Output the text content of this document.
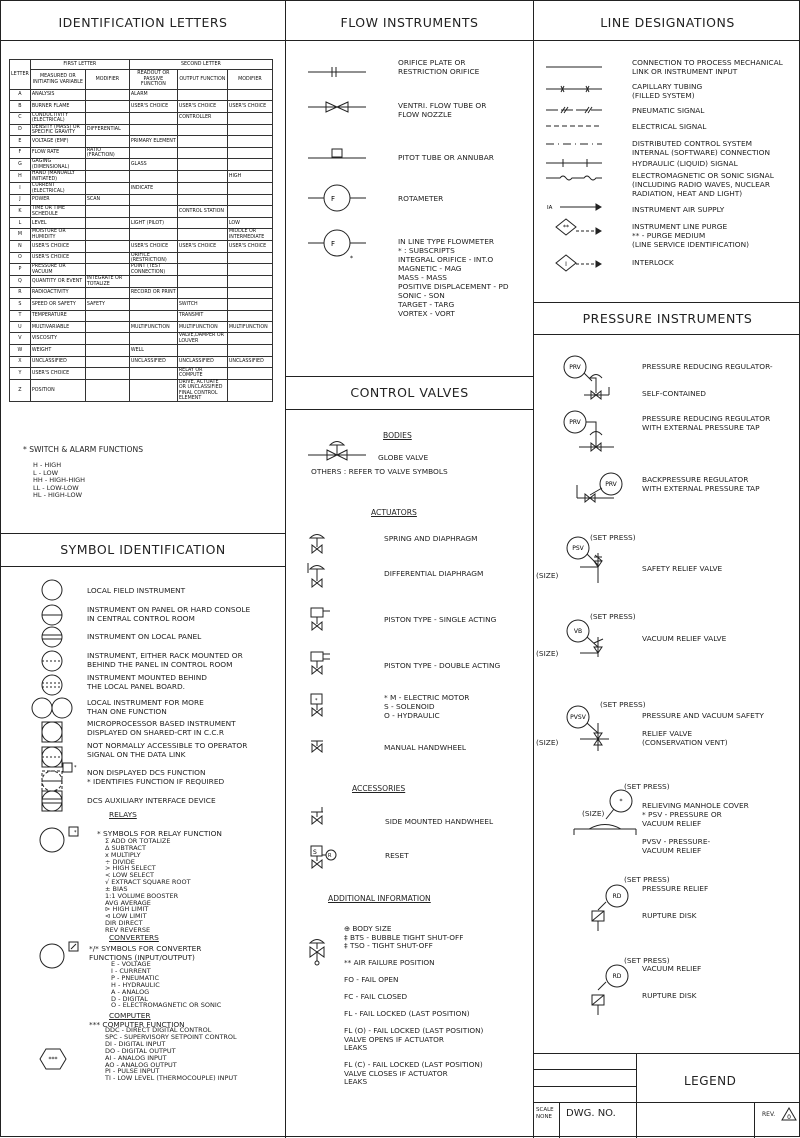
IDENTIFICATION LETTERS
LETTER	FIRST LETTER		SECOND LETTER		
	MEASURED OR INITIATING VARIABLE	MODIFIER	READOUT OR PASSIVE FUNCTION	OUTPUT FUNCTION	MODIFIER
A	ANALYSIS		ALARM		
B	BURNER FLAME		USER'S CHOICE	USER'S CHOICE	USER'S CHOICE
C	CONDUCTIVITY (ELECTRICAL)			CONTROLLER	
D	DENSITY (MASS) OR SPECIFIC GRAVITY	DIFFERENTIAL			
E	VOLTAGE (EMF)		PRIMARY ELEMENT		
F	FLOW RATE	RATIO (FRACTION)			
G	GAGING (DIMENSIONAL)		GLASS		
H	HAND (MANUALLY INITIATED)				HIGH
I	CURRENT (ELECTRICAL)		INDICATE		
J	POWER	SCAN			
K	TIME OR TIME SCHEDULE			CONTROL STATION	
L	LEVEL		LIGHT (PILOT)		LOW
M	MOISTURE OR HUMIDITY				MIDDLE OR INTERMEDIATE
N	USER'S CHOICE		USER'S CHOICE	USER'S CHOICE	USER'S CHOICE
O	USER'S CHOICE		ORIFICE (RESTRICTION)		
P	PRESSURE OR VACUUM		POINT (TEST CONNECTION)		
Q	QUANTITY OR EVENT	INTEGRATE OR TOTALIZE			
R	RADIOACTIVITY		RECORD OR PRINT		
S	SPEED OR SAFETY	SAFETY		SWITCH	
T	TEMPERATURE			TRANSMIT	
U	MULTIVARIABLE		MULTIFUNCTION	MULTIFUNCTION	MULTIFUNCTION
V	VISCOSITY			VALVE,DAMPER OR LOUVER	
W	WEIGHT		WELL		
X	UNCLASSIFIED		UNCLASSIFIED	UNCLASSIFIED	UNCLASSIFIED
Y	USER'S CHOICE			RELAY OR COMPUTE	
Z	POSITION			DRIVE, ACTUATE OR UNCLASSIFIED FINAL CONTROL ELEMENT	
* SWITCH & ALARM FUNCTIONS
H - HIGH
L - LOW
HH - HIGH-HIGH
LL - LOW-LOW
HL - HIGH-LOW
SYMBOL IDENTIFICATION
***
*
*
LOCAL FIELD INSTRUMENT
INSTRUMENT ON PANEL OR HARD CONSOLE
IN CENTRAL CONTROL ROOM
INSTRUMENT ON LOCAL PANEL
INSTRUMENT, EITHER RACK MOUNTED OR
BEHIND THE PANEL IN CONTROL ROOM
INSTRUMENT MOUNTED BEHIND
THE LOCAL PANEL BOARD.
LOCAL INSTRUMENT FOR MORE
THAN ONE FUNCTION
MICROPROCESSOR BASED INSTRUMENT
DISPLAYED ON SHARED-CRT IN C.C.R
NOT NORMALLY ACCESSIBLE TO OPERATOR
SIGNAL ON THE DATA LINK
NON DISPLAYED DCS FUNCTION
* IDENTIFIES FUNCTION IF REQUIRED
DCS AUXILIARY INTERFACE DEVICE
RELAYS
* SYMBOLS FOR RELAY FUNCTION
Σ ADD OR TOTALIZE
Δ SUBTRACT
x MULTIPLY
÷ DIVIDE
> HIGH SELECT
< LOW SELECT
√ EXTRACT SQUARE ROOT
± BIAS
1:1 VOLUME BOOSTER
AVG AVERAGE
⊳ HIGH LIMIT
⊲ LOW LIMIT
DIR DIRECT
REV REVERSE
CONVERTERS
*/* SYMBOLS FOR CONVERTER
FUNCTIONS (INPUT/OUTPUT)
E - VOLTAGE
I - CURRENT
P - PNEUMATIC
H - HYDRAULIC
A - ANALOG
D - DIGITAL
O - ELECTROMAGNETIC OR SONIC
COMPUTER
*** COMPUTER FUNCTION
DDC - DIRECT DIGITAL CONTROL
SPC - SUPERVISORY SETPOINT CONTROL
DI - DIGITAL INPUT
DO - DIGITAL OUTPUT
AI - ANALOG INPUT
AO - ANALOG OUTPUT
PI - PULSE INPUT
TI - LOW LEVEL (THERMOCOUPLE) INPUT
FLOW INSTRUMENTS
F
F
*
ORIFICE PLATE OR
RESTRICTION ORIFICE
VENTRI. FLOW TUBE OR
FLOW NOZZLE
PITOT TUBE OR ANNUBAR
ROTAMETER
IN LINE TYPE FLOWMETER
* : SUBSCRIPTS
INTEGRAL ORIFICE - INT.O
MAGNETIC - MAG
MASS - MASS
POSITIVE DISPLACEMENT - PD
SONIC - SON
TARGET - TARG
VORTEX - VORT
CONTROL VALVES
BODIES
GLOBE VALVE
OTHERS : REFER TO VALVE SYMBOLS
ACTUATORS
*
S R
SPRING AND DIAPHRAGM
DIFFERENTIAL DIAPHRAGM
PISTON TYPE - SINGLE ACTING
PISTON TYPE - DOUBLE ACTING
* M - ELECTRIC MOTOR
S - SOLENOID
O - HYDRAULIC
MANUAL HANDWHEEL
ACCESSORIES
SIDE MOUNTED HANDWHEEL
RESET
ADDITIONAL INFORMATION
⊕ BODY SIZE
‡ BTS - BUBBLE TIGHT SHUT-OFF
‡ TSO - TIGHT SHUT-OFF

** AIR FAILURE POSITION

FO - FAIL OPEN

FC - FAIL CLOSED

FL - FAIL LOCKED (LAST POSITION)

FL (O) - FAIL LOCKED (LAST POSITION)
VALVE OPENS IF ACTUATOR
LEAKS

FL (C) - FAIL LOCKED (LAST POSITION)
VALVE CLOSES IF ACTUATOR
LEAKS
LINE DESIGNATIONS
IA
**
I
CONNECTION TO PROCESS MECHANICAL
LINK OR INSTRUMENT INPUT
CAPILLARY TUBING
(FILLED SYSTEM)
PNEUMATIC SIGNAL
ELECTRICAL SIGNAL
DISTRIBUTED CONTROL SYSTEM
INTERNAL (SOFTWARE) CONNECTION
HYDRAULIC (LIQUID) SIGNAL
ELECTROMAGNETIC OR SONIC SIGNAL
(INCLUDING RADIO WAVES, NUCLEAR
RADIATION, HEAT AND LIGHT)
INSTRUMENT AIR SUPPLY
INSTRUMENT LINE PURGE
** - PURGE MEDIUM
(LINE SERVICE IDENTIFICATION)
INTERLOCK
PRESSURE INSTRUMENTS
PRV
PRV
PRV
PSV
VB
PVSV
*
RD
RD
PRESSURE REDUCING REGULATOR-

SELF-CONTAINED
PRESSURE REDUCING REGULATOR
WITH EXTERNAL PRESSURE TAP
BACKPRESSURE REGULATOR
WITH EXTERNAL PRESSURE TAP
SAFETY RELIEF VALVE
VACUUM RELIEF VALVE
PRESSURE AND VACUUM SAFETY

RELIEF VALVE
(CONSERVATION VENT)
RELIEVING MANHOLE COVER
* PSV - PRESSURE OR
VACUUM RELIEF

PVSV - PRESSURE-
VACUUM RELIEF
PRESSURE RELIEF

RUPTURE DISK
VACUUM RELIEF

RUPTURE DISK
(SET PRESS)
(SET PRESS)
(SET PRESS)
(SET PRESS)
(SET PRESS)
(SET PRESS)
(SIZE)
(SIZE)
(SIZE)
(SIZE)
LEGEND
SCALE
NONE DWG. NO.	REV. 0
